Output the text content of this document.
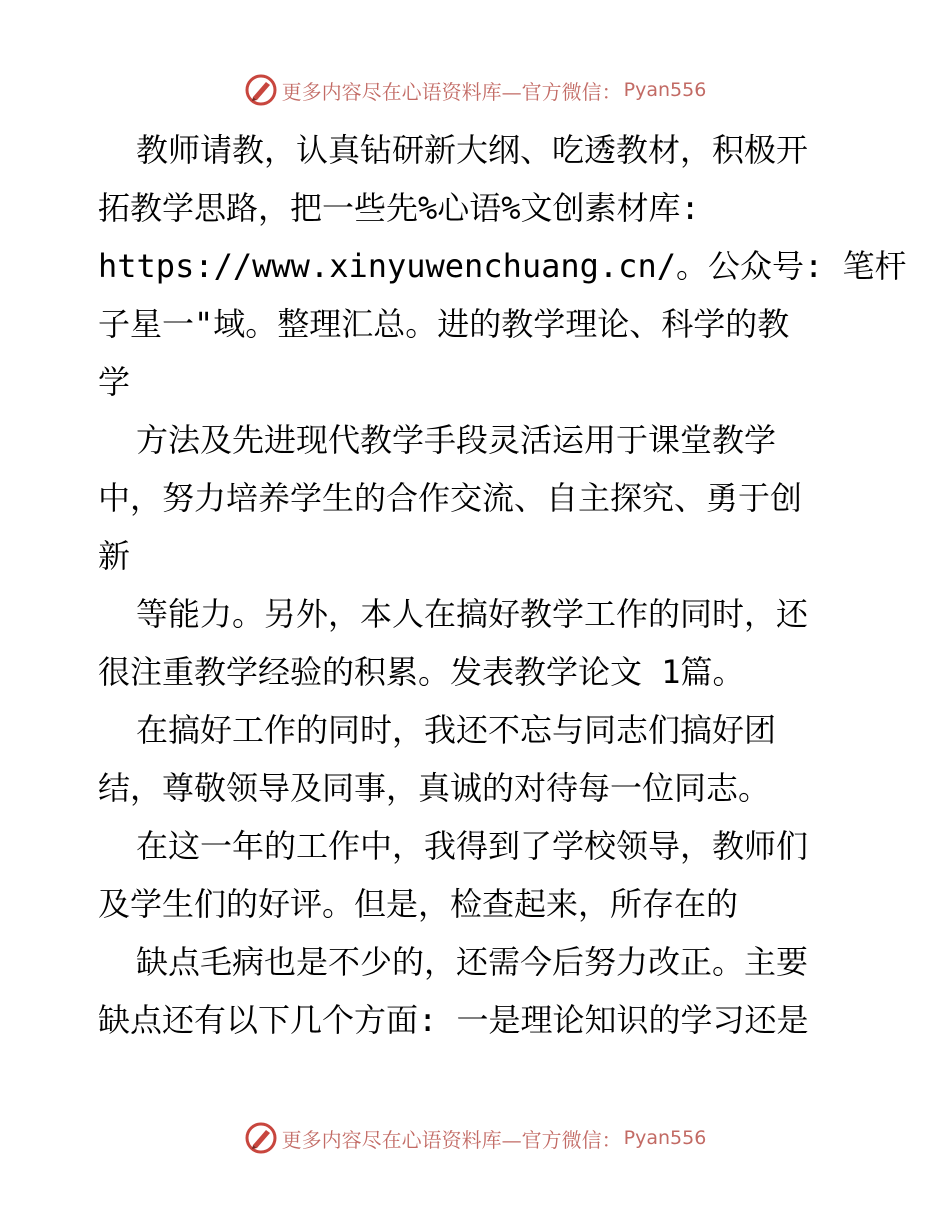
更多内容尽在心语资料库—官方微信： Pyan556
教师请教，认真钻研新大纲、吃透教材，积极开
拓教学思路，把一些先%心语%文创素材库:
https://www.xinyuwenchuang.cn/。公众号: 笔杆
子星一"域。整理汇总。进的教学理论、科学的教
学
方法及先进现代教学手段灵活运用于课堂教学
中，努力培养学生的合作交流、自主探究、勇于创
新
等能力。另外，本人在搞好教学工作的同时，还
很注重教学经验的积累。发表教学论文 1篇。
在搞好工作的同时，我还不忘与同志们搞好团
结，尊敬领导及同事，真诚的对待每一位同志。
在这一年的工作中，我得到了学校领导，教师们
及学生们的好评。但是，检查起来，所存在的
缺点毛病也是不少的，还需今后努力改正。主要
缺点还有以下几个方面: 一是理论知识的学习还是
更多内容尽在心语资料库—官方微信： Pyan556
